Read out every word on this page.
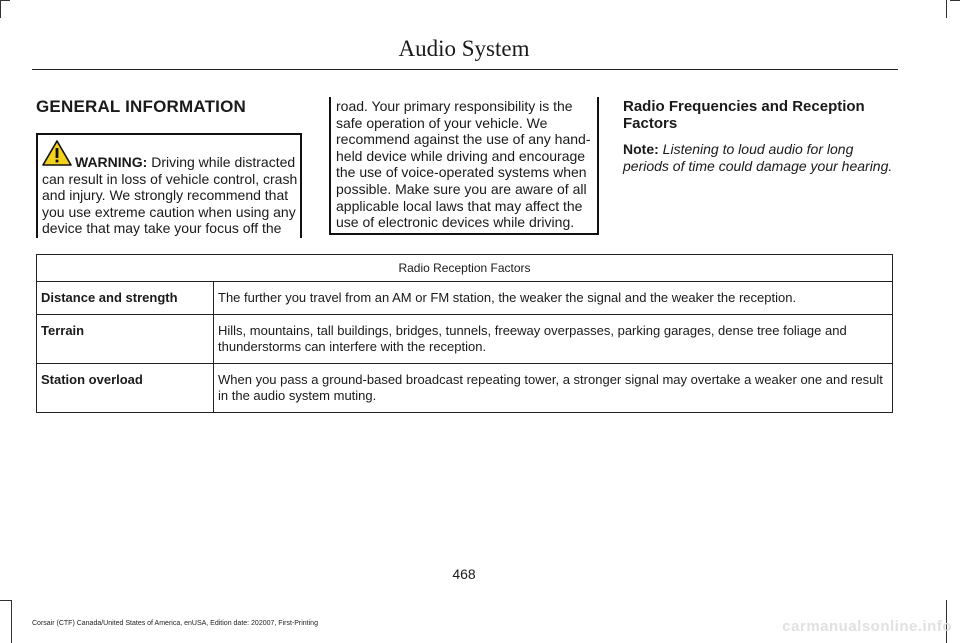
Audio System
GENERAL INFORMATION
WARNING: Driving while distracted can result in loss of vehicle control, crash and injury. We strongly recommend that you use extreme caution when using any device that may take your focus off the
road. Your primary responsibility is the safe operation of your vehicle. We recommend against the use of any hand-held device while driving and encourage the use of voice-operated systems when possible. Make sure you are aware of all applicable local laws that may affect the use of electronic devices while driving.
Radio Frequencies and Reception Factors
Note: Listening to loud audio for long periods of time could damage your hearing.
Radio Reception Factors	
Distance and strength	The further you travel from an AM or FM station, the weaker the signal and the weaker the reception.
Terrain	Hills, mountains, tall buildings, bridges, tunnels, freeway overpasses, parking garages, dense tree foliage and thunderstorms can interfere with the reception.
Station overload	When you pass a ground-based broadcast repeating tower, a stronger signal may overtake a weaker one and result in the audio system muting.
468
Corsair (CTF) Canada/United States of America, enUSA, Edition date: 202007, First-Printing	carmanualsonline.info
